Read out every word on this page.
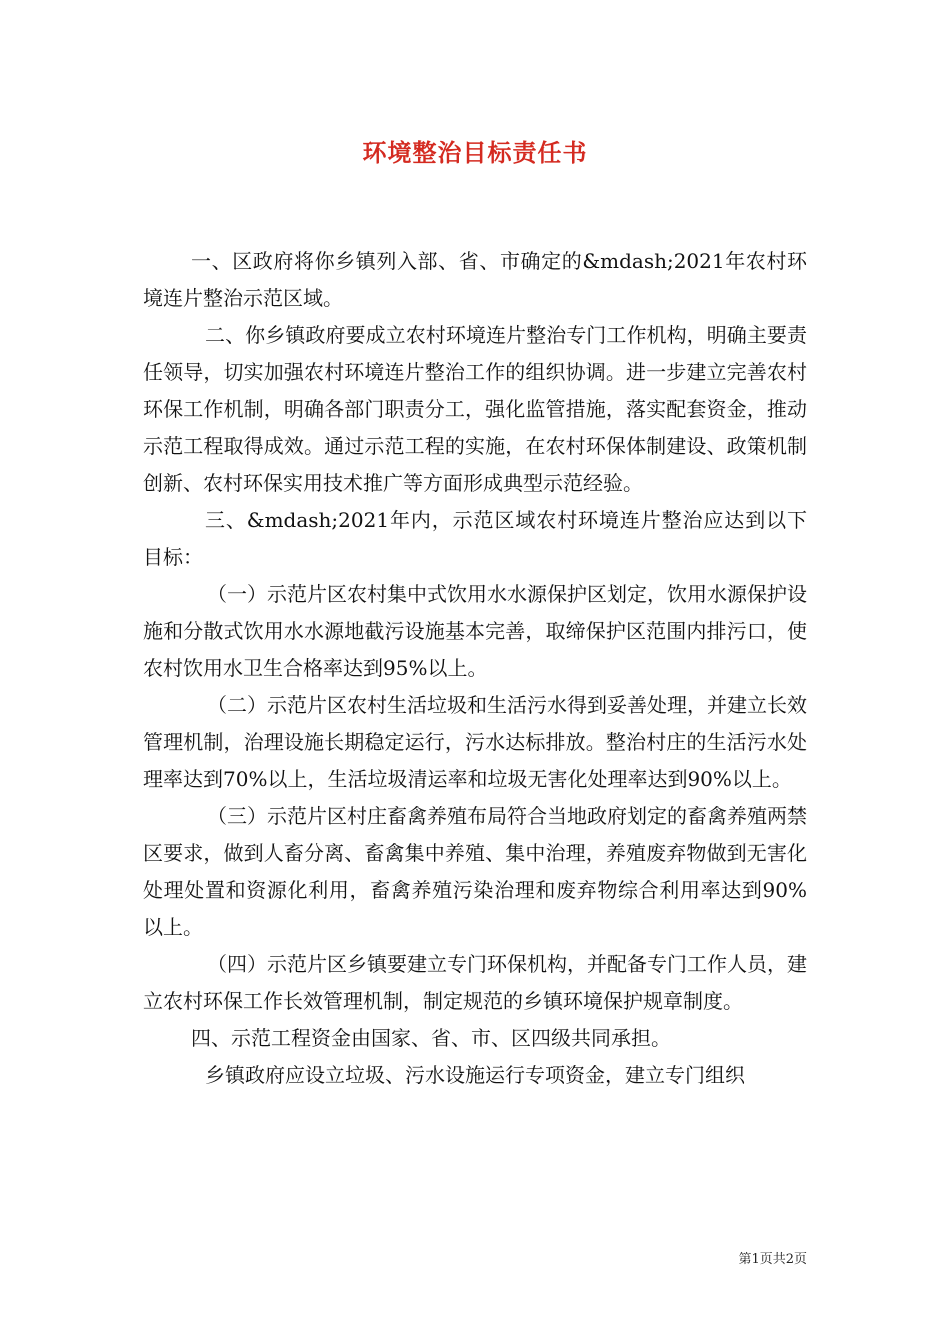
环境整治目标责任书

一、区政府将你乡镇列入部、省、市确定的&mdash;2021年农村环境连片整治示范区域。

二、你乡镇政府要成立农村环境连片整治专门工作机构，明确主要责任领导，切实加强农村环境连片整治工作的组织协调。进一步建立完善农村环保工作机制，明确各部门职责分工，强化监管措施，落实配套资金，推动示范工程取得成效。通过示范工程的实施，在农村环保体制建设、政策机制创新、农村环保实用技术推广等方面形成典型示范经验。

三、&mdash;2021年内，示范区域农村环境连片整治应达到以下目标：

（一）示范片区农村集中式饮用水水源保护区划定，饮用水源保护设施和分散式饮用水水源地截污设施基本完善，取缔保护区范围内排污口，使农村饮用水卫生合格率达到95%以上。

（二）示范片区农村生活垃圾和生活污水得到妥善处理，并建立长效管理机制，治理设施长期稳定运行，污水达标排放。整治村庄的生活污水处理率达到70%以上，生活垃圾清运率和垃圾无害化处理率达到90%以上。

（三）示范片区村庄畜禽养殖布局符合当地政府划定的畜禽养殖两禁区要求，做到人畜分离、畜禽集中养殖、集中治理，养殖废弃物做到无害化处理处置和资源化利用，畜禽养殖污染治理和废弃物综合利用率达到90%以上。

（四）示范片区乡镇要建立专门环保机构，并配备专门工作人员，建立农村环保工作长效管理机制，制定规范的乡镇环境保护规章制度。

四、示范工程资金由国家、省、市、区四级共同承担。

乡镇政府应设立垃圾、污水设施运行专项资金，建立专门组织

第1页共2页
